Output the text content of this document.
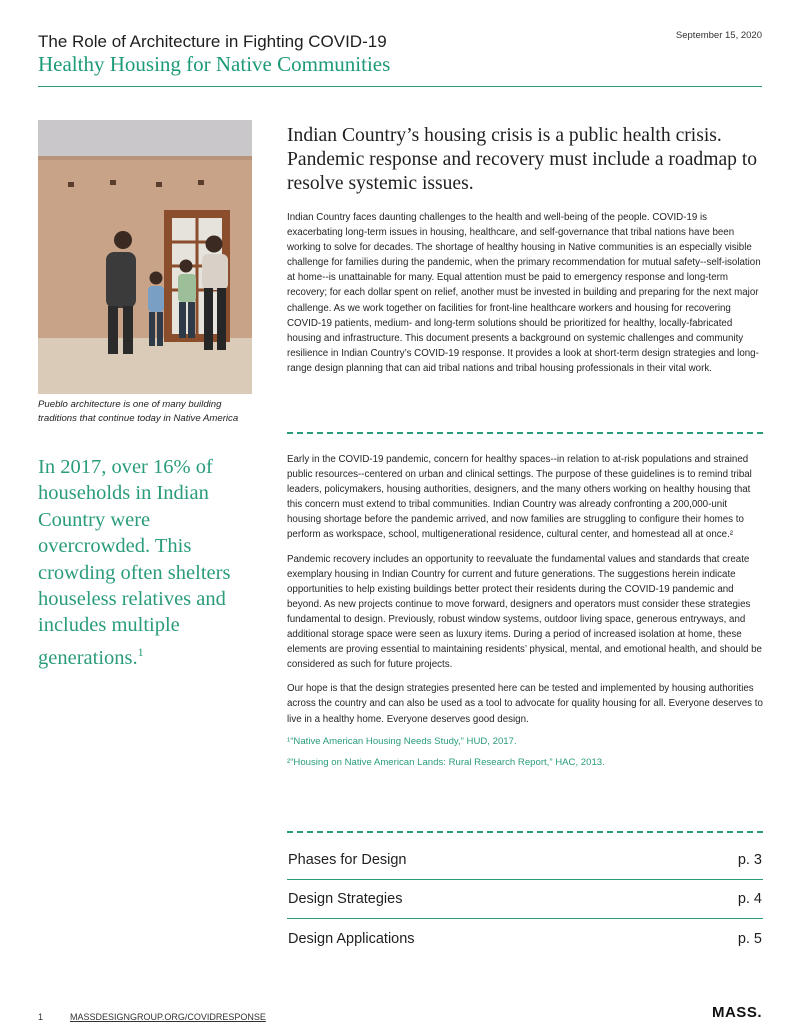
The Role of Architecture in Fighting COVID-19
Healthy Housing for Native Communities
September 15, 2020
Pueblo architecture is one of many building traditions that continue today in Native America
In 2017, over 16% of households in Indian Country were overcrowded. This crowding often shelters houseless relatives and includes multiple generations.$^1$
Indian Country’s housing crisis is a public health crisis. Pandemic response and recovery must include a roadmap to resolve systemic issues.
Indian Country faces daunting challenges to the health and well-being of the people. COVID-19 is exacerbating long-term issues in housing, healthcare, and self-governance that tribal nations have been working to solve for decades. The shortage of healthy housing in Native communities is an especially visible challenge for families during the pandemic, when the primary recommendation for mutual safety--self-isolation at home--is unattainable for many. Equal attention must be paid to emergency response and long-term recovery; for each dollar spent on relief, another must be invested in building and preparing for the next major challenge. As we work together on facilities for front-line healthcare workers and housing for recovering COVID-19 patients, medium- and long-term solutions should be prioritized for healthy, locally-fabricated housing and infrastructure. This document presents a background on systemic challenges and community resilience in Indian Country’s COVID-19 response. It provides a look at short-term design strategies and long-range design planning that can aid tribal nations and tribal housing professionals in their vital work.
Early in the COVID-19 pandemic, concern for healthy spaces--in relation to at-risk populations and strained public resources--centered on urban and clinical settings. The purpose of these guidelines is to remind tribal leaders, policymakers, housing authorities, designers, and the many others working on healthy housing that this concern must extend to tribal communities. Indian Country was already confronting a 200,000-unit housing shortage before the pandemic arrived, and now families are struggling to configure their homes to perform as workspace, school, multigenerational residence, cultural center, and homestead all at once.²
Pandemic recovery includes an opportunity to reevaluate the fundamental values and standards that create exemplary housing in Indian Country for current and future generations. The suggestions herein indicate opportunities to help existing buildings better protect their residents during the COVID-19 pandemic and beyond. As new projects continue to move forward, designers and operators must consider these strategies fundamental to design. Previously, robust window systems, outdoor living space, generous entryways, and additional storage space were seen as luxury items. During a period of increased isolation at home, these elements are proving essential to maintaining residents’ physical, mental, and emotional health, and should be considered as such for future projects.
Our hope is that the design strategies presented here can be tested and implemented by housing authorities across the country and can also be used as a tool to advocate for quality housing for all. Everyone deserves to live in a healthy home. Everyone deserves good design.
¹“Native American Housing Needs Study,” HUD, 2017.
²“Housing on Native American Lands: Rural Research Report,” HAC, 2013.
Phases for Design	p. 3
Design Strategies	p. 4
Design Applications	p. 5
1	MASSDESIGNGROUP.ORG/COVIDRESPONSE	MASS.
